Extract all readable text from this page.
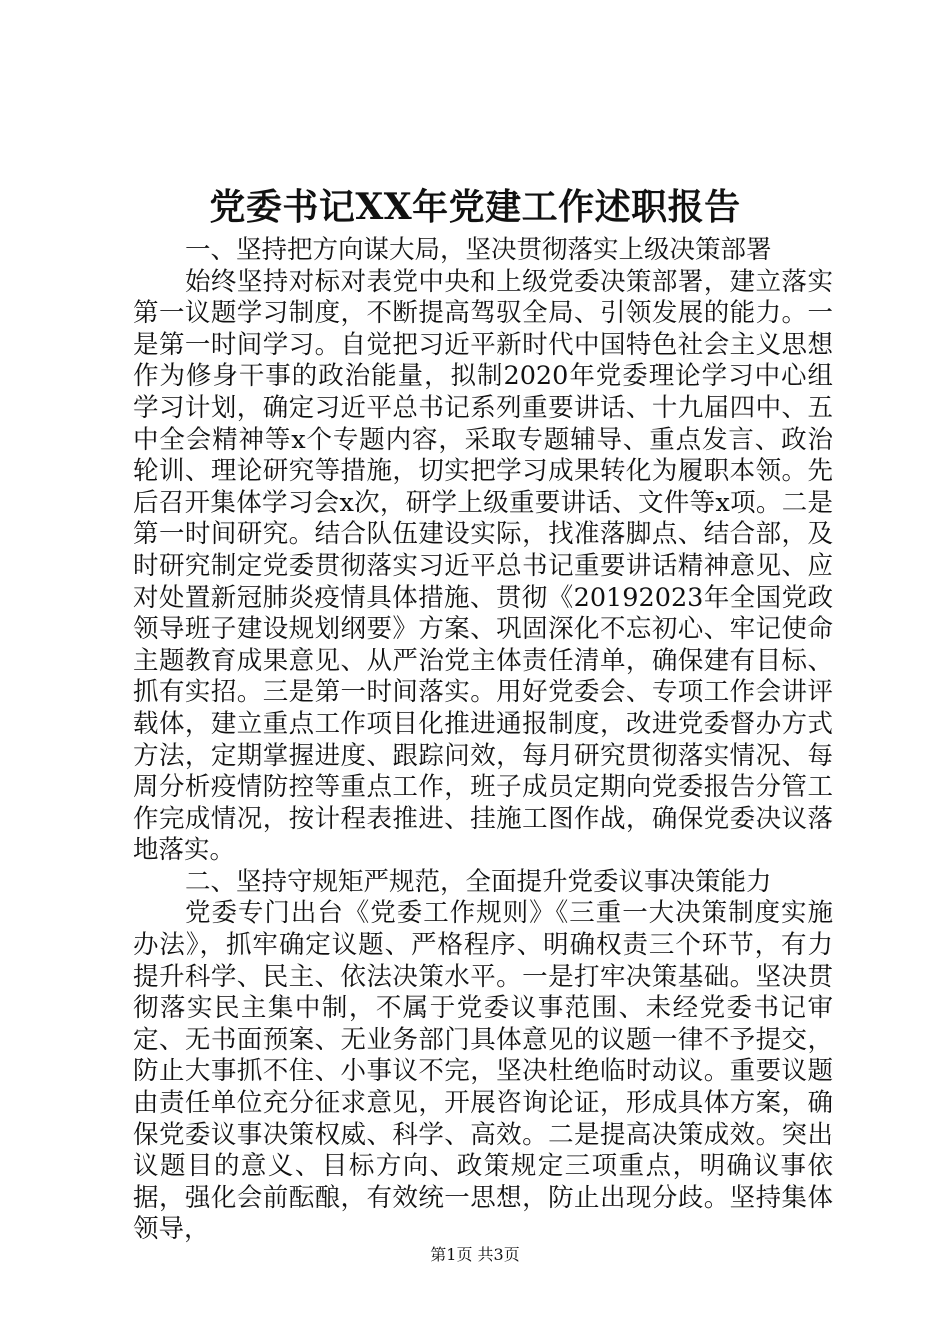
党委书记XX年党建工作述职报告

一、坚持把方向谋大局，坚决贯彻落实上级决策部署

始终坚持对标对表党中央和上级党委决策部署，建立落实第一议题学习制度，不断提高驾驭全局、引领发展的能力。一是第一时间学习。自觉把习近平新时代中国特色社会主义思想作为修身干事的政治能量，拟制2020年党委理论学习中心组学习计划，确定习近平总书记系列重要讲话、十九届四中、五中全会精神等x个专题内容，采取专题辅导、重点发言、政治轮训、理论研究等措施，切实把学习成果转化为履职本领。先后召开集体学习会x次，研学上级重要讲话、文件等x项。二是第一时间研究。结合队伍建设实际，找准落脚点、结合部，及时研究制定党委贯彻落实习近平总书记重要讲话精神意见、应对处置新冠肺炎疫情具体措施、贯彻《20192023年全国党政领导班子建设规划纲要》方案、巩固深化不忘初心、牢记使命主题教育成果意见、从严治党主体责任清单，确保建有目标、抓有实招。三是第一时间落实。用好党委会、专项工作会讲评载体，建立重点工作项目化推进通报制度，改进党委督办方式方法，定期掌握进度、跟踪问效，每月研究贯彻落实情况、每周分析疫情防控等重点工作，班子成员定期向党委报告分管工作完成情况，按计程表推进、挂施工图作战，确保党委决议落地落实。

二、坚持守规矩严规范，全面提升党委议事决策能力

党委专门出台《党委工作规则》《三重一大决策制度实施办法》，抓牢确定议题、严格程序、明确权责三个环节，有力提升科学、民主、依法决策水平。一是打牢决策基础。坚决贯彻落实民主集中制，不属于党委议事范围、未经党委书记审定、无书面预案、无业务部门具体意见的议题一律不予提交，防止大事抓不住、小事议不完，坚决杜绝临时动议。重要议题由责任单位充分征求意见，开展咨询论证，形成具体方案，确保党委议事决策权威、科学、高效。二是提高决策成效。突出议题目的意义、目标方向、政策规定三项重点，明确议事依据，强化会前酝酿，有效统一思想，防止出现分歧。坚持集体领导，

第1页 共3页
